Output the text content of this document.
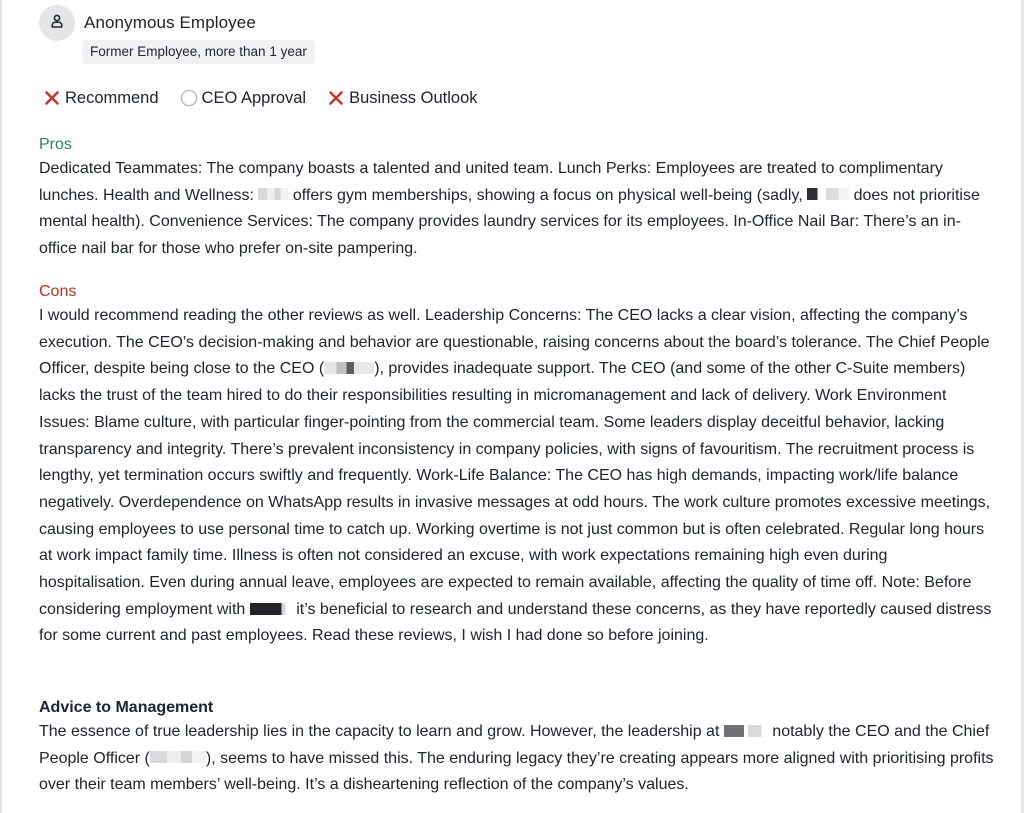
Anonymous Employee
Former Employee, more than 1 year
Recommend	CEO Approval	Business Outlook
Pros

Dedicated Teammates: The company boasts a talented and united team. Lunch Perks: Employees are treated to complimentary lunches. Health and Wellness:  offers gym memberships, showing a focus on physical well-being (sadly,	does not prioritise mental health). Convenience Services: The company provides laundry services for its employees. In-Office Nail Bar: There’s an in-office nail bar for those who prefer on-site pampering.

Cons

I would recommend reading the other reviews as well. Leadership Concerns: The CEO lacks a clear vision, affecting the company’s execution. The CEO’s decision-making and behavior are questionable, raising concerns about the board’s tolerance. The Chief People Officer, despite being close to the CEO (	), provides inadequate support. The CEO (and some of the other C-Suite members) lacks the trust of the team hired to do their responsibilities resulting in micromanagement and lack of delivery. Work Environment Issues: Blame culture, with particular finger-pointing from the commercial team. Some leaders display deceitful behavior, lacking transparency and integrity. There’s prevalent inconsistency in company policies, with signs of favouritism. The recruitment process is lengthy, yet termination occurs swiftly and frequently. Work-Life Balance: The CEO has high demands, impacting work/life balance negatively. Overdependence on WhatsApp results in invasive messages at odd hours. The work culture promotes excessive meetings, causing employees to use personal time to catch up. Working overtime is not just common but is often celebrated. Regular long hours at work impact family time. Illness is often not considered an excuse, with work expectations remaining high even during hospitalisation. Even during annual leave, employees are expected to remain available, affecting the quality of time off. Note: Before considering employment with	it’s beneficial to research and understand these concerns, as they have reportedly caused distress for some current and past employees. Read these reviews, I wish I had done so before joining.

Advice to Management

The essence of true leadership lies in the capacity to learn and grow. However, the leadership at	notably the CEO and the Chief People Officer (	), seems to have missed this. The enduring legacy they’re creating appears more aligned with prioritising profits over their team members’ well-being. It’s a disheartening reflection of the company’s values.
